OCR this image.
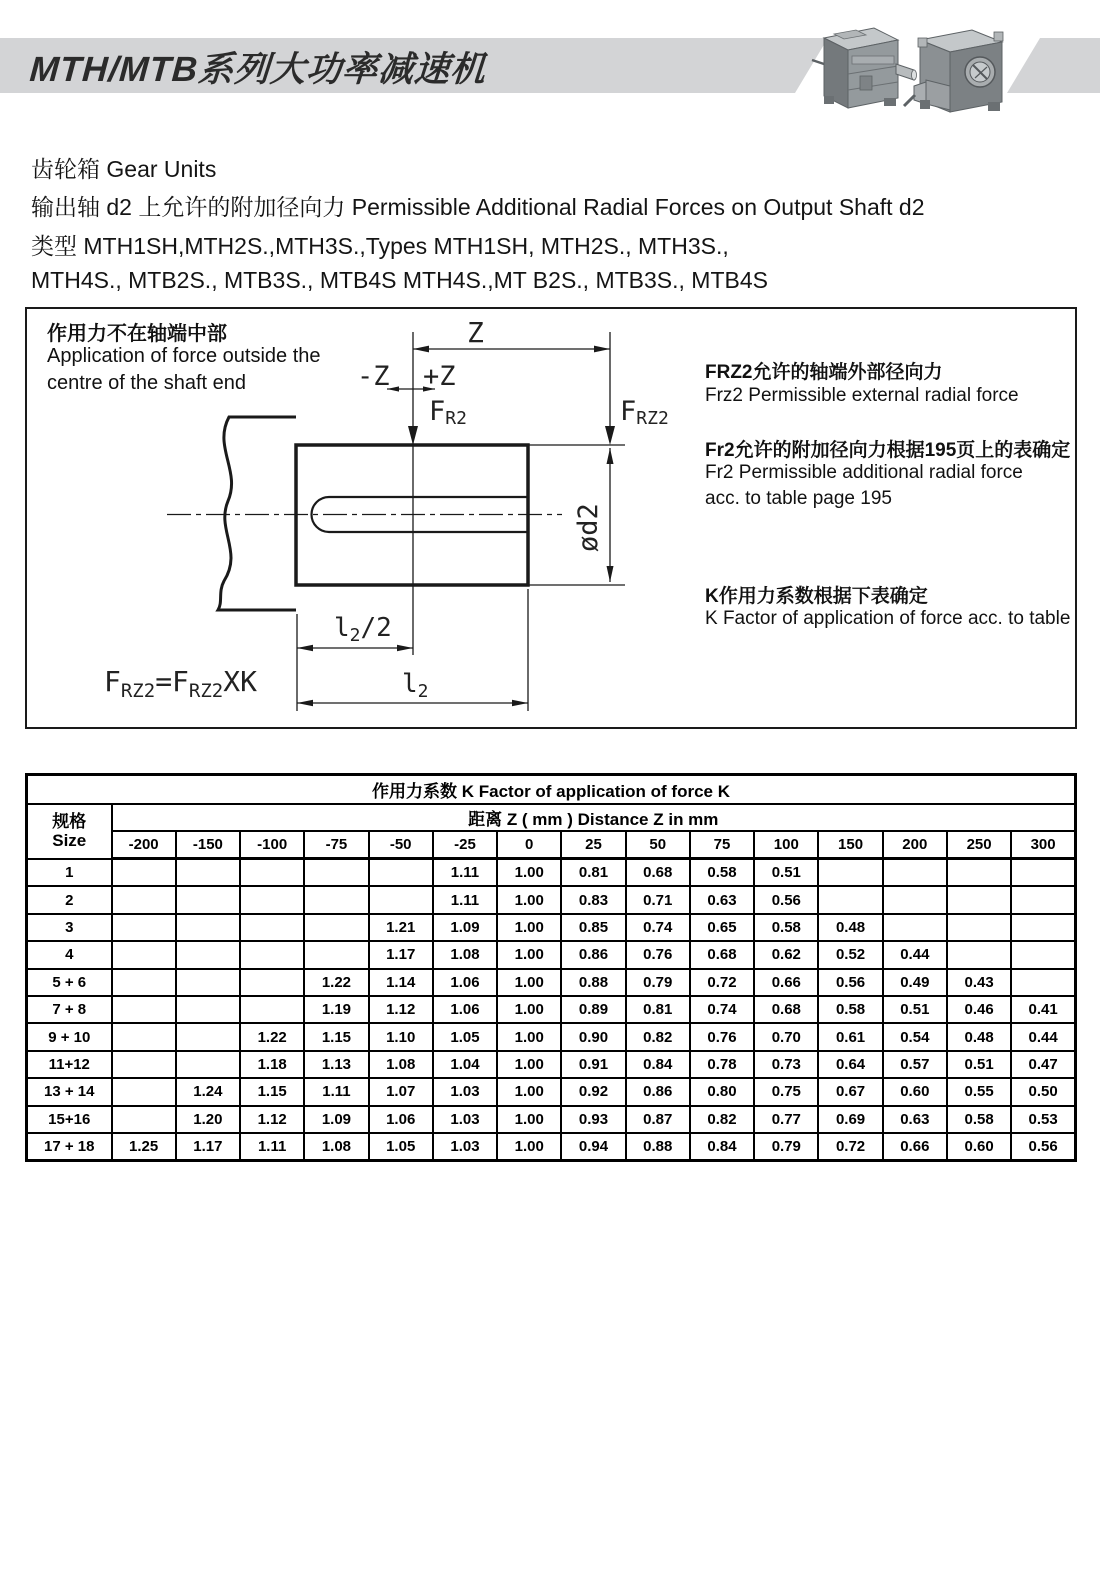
MTH/MTB系列大功率减速机
齿轮箱 Gear Units
输出轴 d2 上允许的附加径向力 Permissible Additional Radial Forces on Output Shaft d2
类型 MTH1SH,MTH2S.,MTH3S.,Types MTH1SH, MTH2S., MTH3S.,
MTH4S., MTB2S., MTB3S., MTB4S MTH4S.,MT B2S., MTB3S., MTB4S
Z
-Z +Z
FR2	FRZ2
ød2
l2/2
l2
$F_{RZ2}=F_{RZ2}XK$
作用力不在轴端中部
Application of force outside the
centre of the shaft end	FRZ2允许的轴端外部径向力
Frz2 Permissible external radial force
Fr2允许的附加径向力根据195页上的表确定
Fr2 Permissible additional radial force
acc. to table page 195
K作用力系数根据下表确定
K Factor of application of force acc. to table
作用力系数 K Factor of application of force K															

规格
Size	距离 Z ( mm ) Distance Z in mm														
	-200	-150	-100	-75	-50	-25	0	25	50	75	100	150	200	250	300
1						1.11	1.00	0.81	0.68	0.58	0.51				
2						1.11	1.00	0.83	0.71	0.63	0.56				
3					1.21	1.09	1.00	0.85	0.74	0.65	0.58	0.48			
4					1.17	1.08	1.00	0.86	0.76	0.68	0.62	0.52	0.44		
5 + 6				1.22	1.14	1.06	1.00	0.88	0.79	0.72	0.66	0.56	0.49	0.43	
7 + 8				1.19	1.12	1.06	1.00	0.89	0.81	0.74	0.68	0.58	0.51	0.46	0.41
9 + 10			1.22	1.15	1.10	1.05	1.00	0.90	0.82	0.76	0.70	0.61	0.54	0.48	0.44
11+12			1.18	1.13	1.08	1.04	1.00	0.91	0.84	0.78	0.73	0.64	0.57	0.51	0.47
13 + 14		1.24	1.15	1.11	1.07	1.03	1.00	0.92	0.86	0.80	0.75	0.67	0.60	0.55	0.50
15+16		1.20	1.12	1.09	1.06	1.03	1.00	0.93	0.87	0.82	0.77	0.69	0.63	0.58	0.53
17 + 18	1.25	1.17	1.11	1.08	1.05	1.03	1.00	0.94	0.88	0.84	0.79	0.72	0.66	0.60	0.56
